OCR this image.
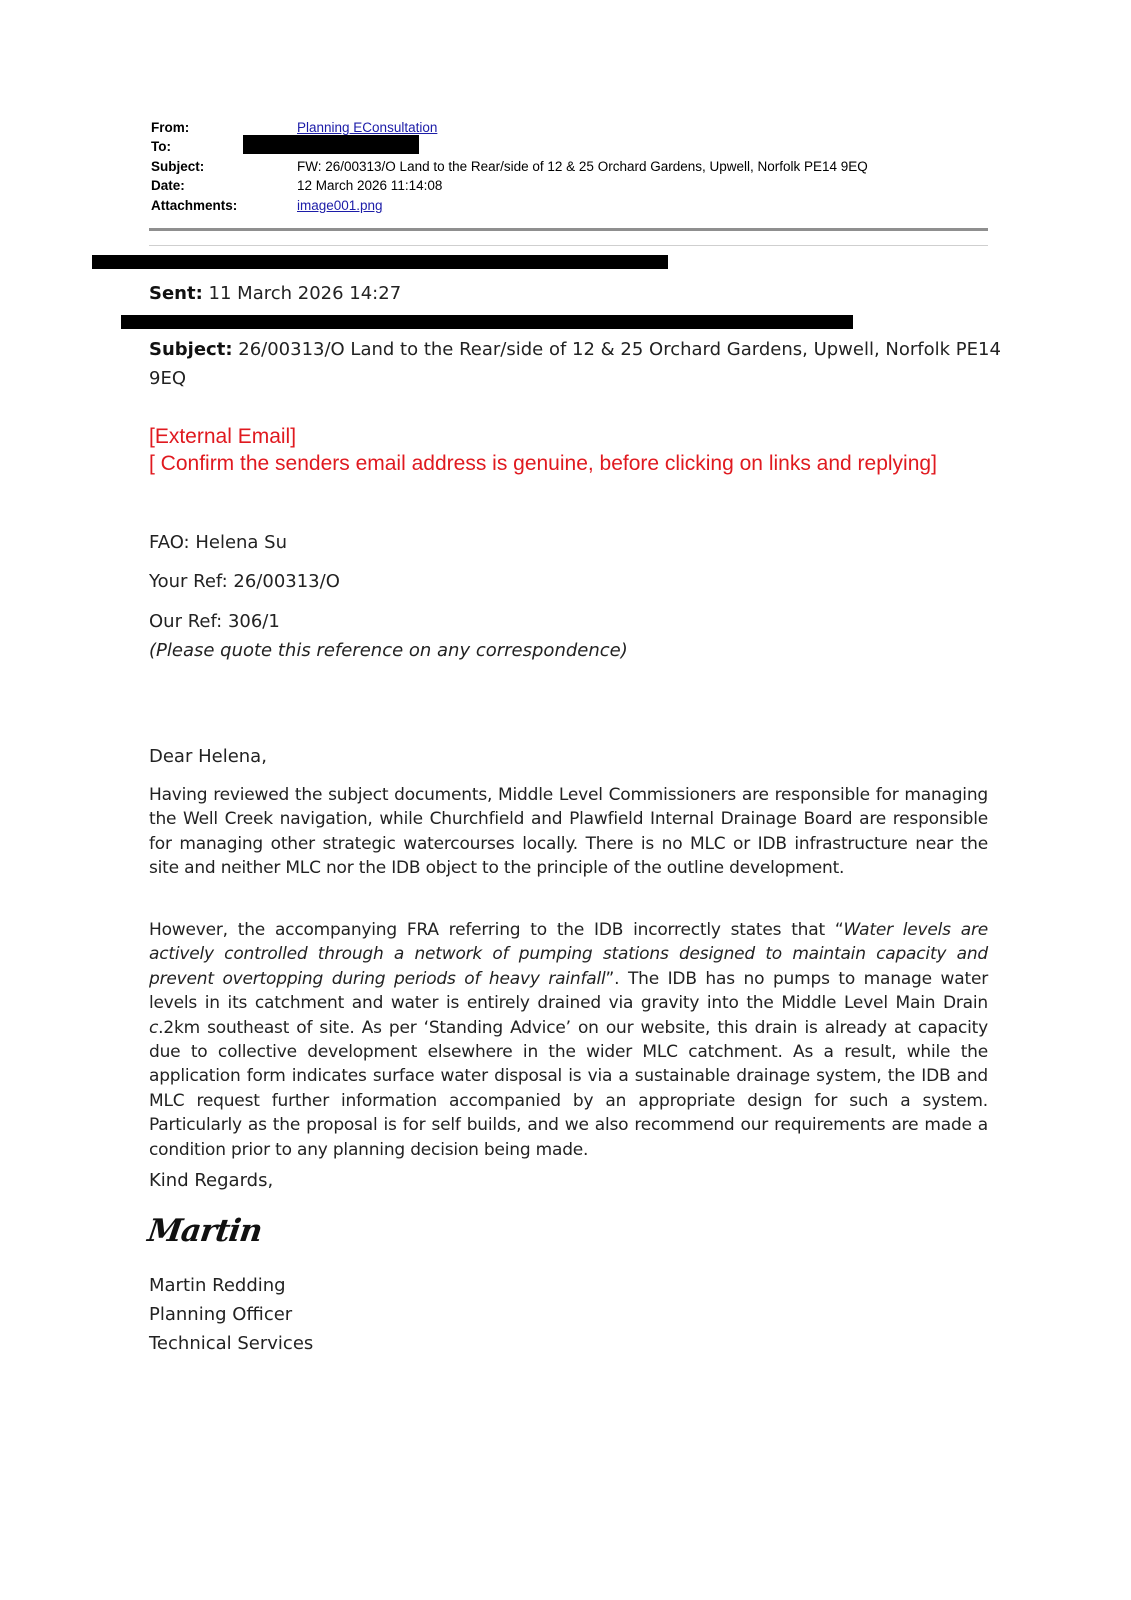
From:	Planning EConsultation
To:
Subject:	FW: 26/00313/O Land to the Rear/side of 12 & 25 Orchard Gardens, Upwell, Norfolk PE14 9EQ
Date:	12 March 2026 11:14:08
Attachments:	image001.png
Sent: 11 March 2026 14:27
Subject: 26/00313/O Land to the Rear/side of 12 & 25 Orchard Gardens, Upwell, Norfolk PE14
9EQ
[External Email]
[ Confirm the senders email address is genuine, before clicking on links and replying]
FAO: Helena Su
Your Ref: 26/00313/O
Our Ref: 306/1
(Please quote this reference on any correspondence)
Dear Helena,
Having reviewed the subject documents, Middle Level Commissioners are responsible for managing the Well Creek navigation, while Churchfield and Plawfield Internal Drainage Board are responsible for managing other strategic watercourses locally. There is no MLC or IDB infrastructure near the site and neither MLC nor the IDB object to the principle of the outline development.
However, the accompanying FRA referring to the IDB incorrectly states that “Water levels are actively controlled through a network of pumping stations designed to maintain capacity and prevent overtopping during periods of heavy rainfall”. The IDB has no pumps to manage water levels in its catchment and water is entirely drained via gravity into the Middle Level Main Drain c.2km southeast of site. As per ‘Standing Advice’ on our website, this drain is already at capacity due to collective development elsewhere in the wider MLC catchment. As a result, while the application form indicates surface water disposal is via a sustainable drainage system, the IDB and MLC request further information accompanied by an appropriate design for such a system. Particularly as the proposal is for self builds, and we also recommend our requirements are made a condition prior to any planning decision being made.
Kind Regards,
Martin
Martin Redding
Planning Officer
Technical Services
